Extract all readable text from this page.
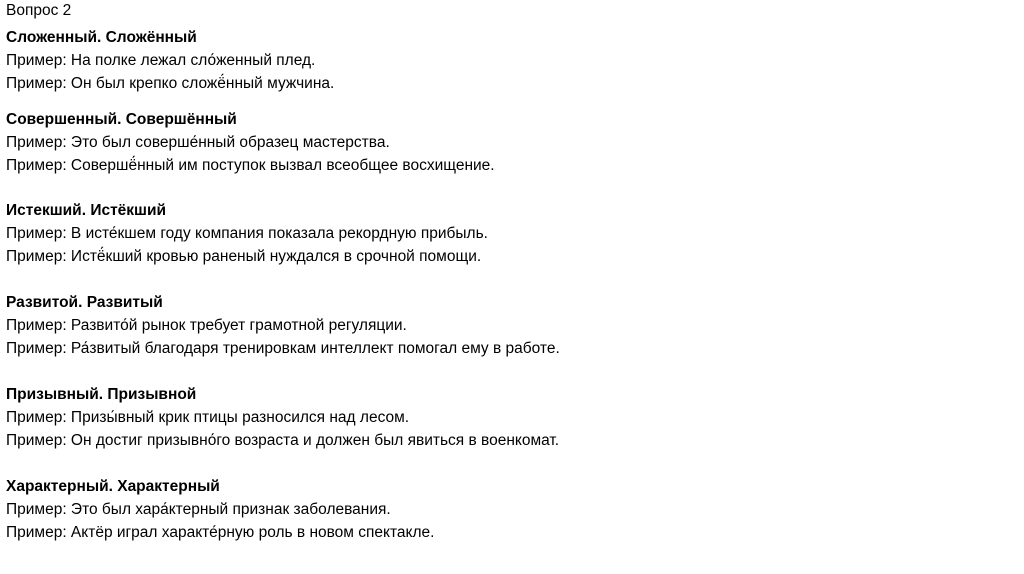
Вопрос 2
Сложенный. Сложённый
Пример: На полке лежал сло́женный плед.
Пример: Он был крепко сложё́нный мужчина.
Совершенный. Совершённый
Пример: Это был соверше́нный образец мастерства.
Пример: Совершё́нный им поступок вызвал всеобщее восхищение.
Истекший. Истёкший
Пример: В исте́кшем году компания показала рекордную прибыль.
Пример: Истё́кший кровью раненый нуждался в срочной помощи.
Развитой. Развитый
Пример: Развито́й рынок требует грамотной регуляции.
Пример: Ра́звитый благодаря тренировкам интеллект помогал ему в работе.
Призывный. Призывной
Пример: Призы́вный крик птицы разносился над лесом.
Пример: Он достиг призывно́го возраста и должен был явиться в военкомат.
Характерный. Характерный
Пример: Это был хара́ктерный признак заболевания.
Пример: Актёр играл характе́рную роль в новом спектакле.
